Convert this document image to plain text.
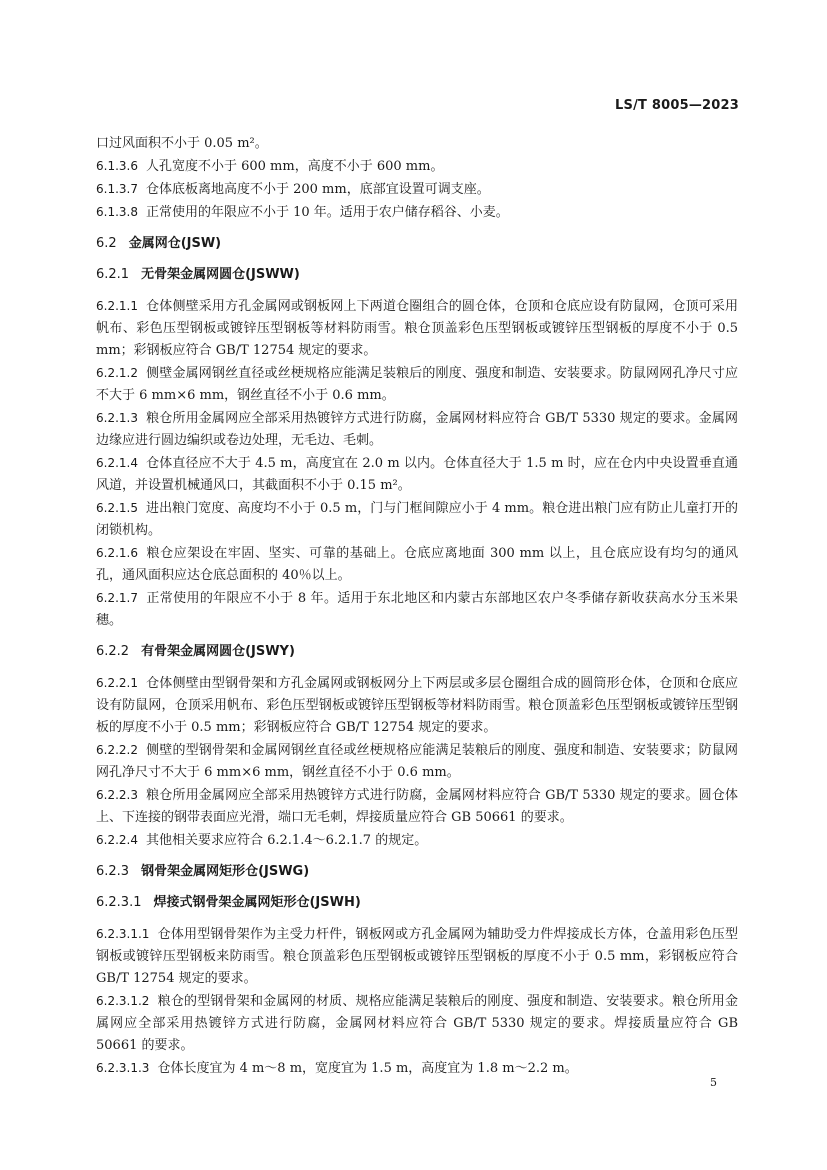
LS/T 8005—2023

口过风面积不小于 0.05 m²。

6.1.3.6 人孔宽度不小于 600 mm，高度不小于 600 mm。

6.1.3.7 仓体底板离地高度不小于 200 mm，底部宜设置可调支座。

6.1.3.8 正常使用的年限应不小于 10 年。适用于农户储存稻谷、小麦。

6.2 金属网仓(JSW)
6.2.1 无骨架金属网圆仓(JSWW)

6.2.1.1 仓体侧壁采用方孔金属网或钢板网上下两道仓圈组合的圆仓体，仓顶和仓底应设有防鼠网，仓顶可采用帆布、彩色压型钢板或镀锌压型钢板等材料防雨雪。粮仓顶盖彩色压型钢板或镀锌压型钢板的厚度不小于 0.5 mm；彩钢板应符合 GB/T 12754 规定的要求。

6.2.1.2 侧壁金属网钢丝直径或丝梗规格应能满足装粮后的刚度、强度和制造、安装要求。防鼠网网孔净尺寸应不大于 6 mm×6 mm，钢丝直径不小于 0.6 mm。

6.2.1.3 粮仓所用金属网应全部采用热镀锌方式进行防腐，金属网材料应符合 GB/T 5330 规定的要求。金属网边缘应进行圆边编织或卷边处理，无毛边、毛刺。

6.2.1.4 仓体直径应不大于 4.5 m，高度宜在 2.0 m 以内。仓体直径大于 1.5 m 时，应在仓内中央设置垂直通风道，并设置机械通风口，其截面积不小于 0.15 m²。

6.2.1.5 进出粮门宽度、高度均不小于 0.5 m，门与门框间隙应小于 4 mm。粮仓进出粮门应有防止儿童打开的闭锁机构。

6.2.1.6 粮仓应架设在牢固、坚实、可靠的基础上。仓底应离地面 300 mm 以上，且仓底应设有均匀的通风孔，通风面积应达仓底总面积的 40％以上。

6.2.1.7 正常使用的年限应不小于 8 年。适用于东北地区和内蒙古东部地区农户冬季储存新收获高水分玉米果穗。

6.2.2 有骨架金属网圆仓(JSWY)

6.2.2.1 仓体侧壁由型钢骨架和方孔金属网或钢板网分上下两层或多层仓圈组合成的圆筒形仓体，仓顶和仓底应设有防鼠网，仓顶采用帆布、彩色压型钢板或镀锌压型钢板等材料防雨雪。粮仓顶盖彩色压型钢板或镀锌压型钢板的厚度不小于 0.5 mm；彩钢板应符合 GB/T 12754 规定的要求。

6.2.2.2 侧壁的型钢骨架和金属网钢丝直径或丝梗规格应能满足装粮后的刚度、强度和制造、安装要求；防鼠网网孔净尺寸不大于 6 mm×6 mm，钢丝直径不小于 0.6 mm。

6.2.2.3 粮仓所用金属网应全部采用热镀锌方式进行防腐，金属网材料应符合 GB/T 5330 规定的要求。圆仓体上、下连接的钢带表面应光滑，端口无毛刺，焊接质量应符合 GB 50661 的要求。

6.2.2.4 其他相关要求应符合 6.2.1.4～6.2.1.7 的规定。

6.2.3 钢骨架金属网矩形仓(JSWG)
6.2.3.1 焊接式钢骨架金属网矩形仓(JSWH)

6.2.3.1.1 仓体用型钢骨架作为主受力杆件，钢板网或方孔金属网为辅助受力件焊接成长方体，仓盖用彩色压型钢板或镀锌压型钢板来防雨雪。粮仓顶盖彩色压型钢板或镀锌压型钢板的厚度不小于 0.5 mm，彩钢板应符合 GB/T 12754 规定的要求。

6.2.3.1.2 粮仓的型钢骨架和金属网的材质、规格应能满足装粮后的刚度、强度和制造、安装要求。粮仓所用金属网应全部采用热镀锌方式进行防腐，金属网材料应符合 GB/T 5330 规定的要求。焊接质量应符合 GB 50661 的要求。

6.2.3.1.3 仓体长度宜为 4 m～8 m，宽度宜为 1.5 m，高度宜为 1.8 m～2.2 m。

5
